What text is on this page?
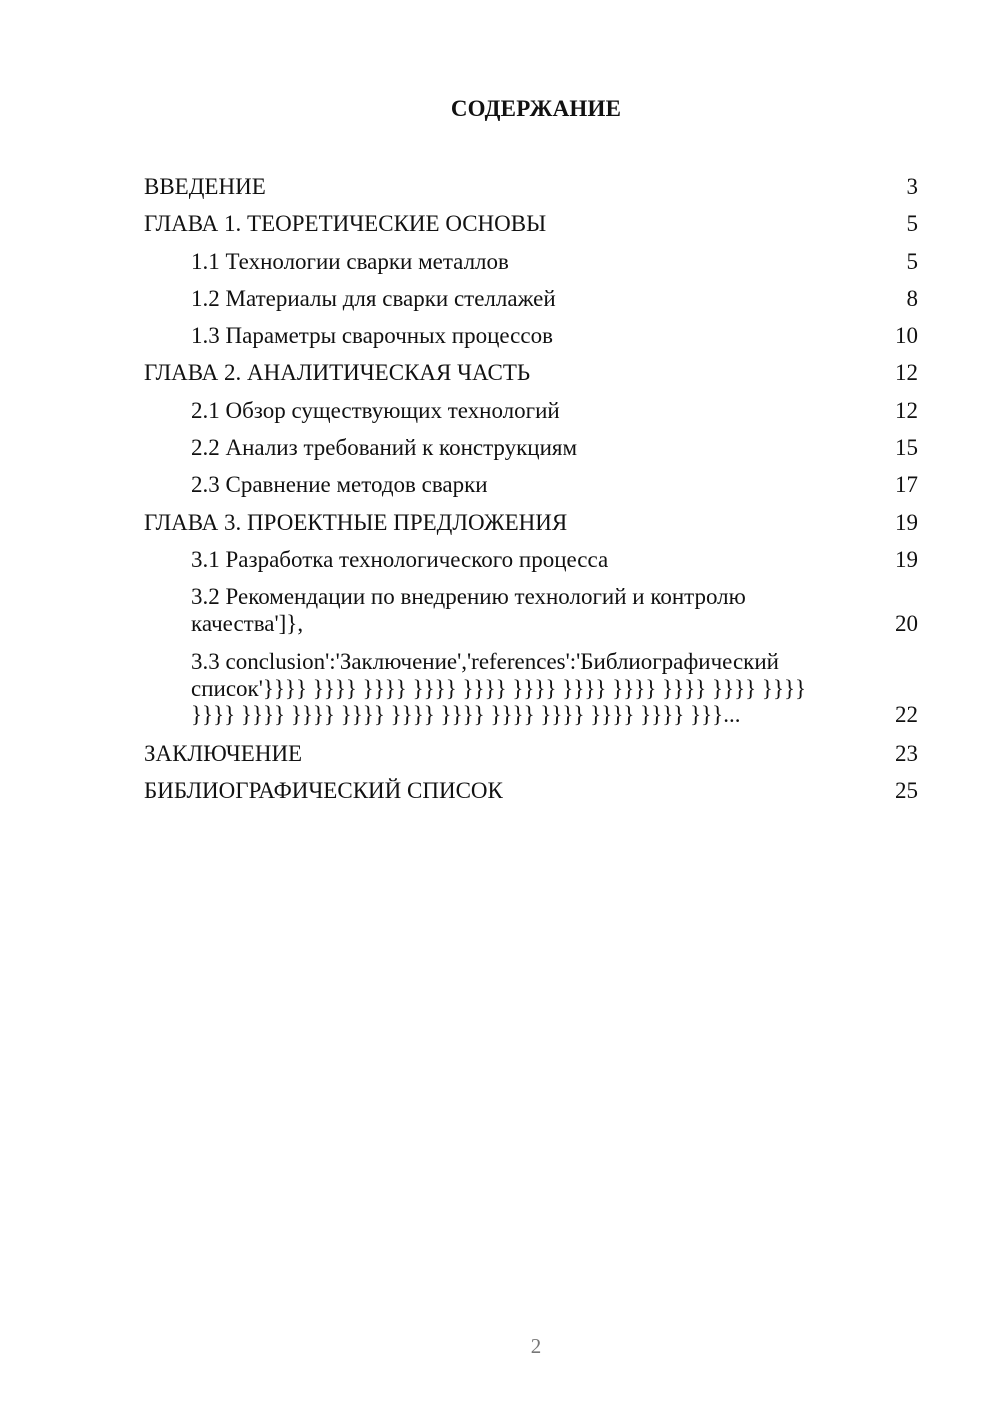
СОДЕРЖАНИЕ
ВВЕДЕНИЕ	3
ГЛАВА 1. ТЕОРЕТИЧЕСКИЕ ОСНОВЫ	5
1.1 Технологии сварки металлов	5
1.2 Материалы для сварки стеллажей	8
1.3 Параметры сварочных процессов	10
ГЛАВА 2. АНАЛИТИЧЕСКАЯ ЧАСТЬ	12
2.1 Обзор существующих технологий	12
2.2 Анализ требований к конструкциям	15
2.3 Сравнение методов сварки	17
ГЛАВА 3. ПРОЕКТНЫЕ ПРЕДЛОЖЕНИЯ	19
3.1 Разработка технологического процесса	19
3.2 Рекомендации по внедрению технологий и контролю качества']},	20
3.3 conclusion':'Заключение','references':'Библиографический список'}}}} }}}} }}}} }}}} }}}} }}}} }}}} }}}} }}}} }}}} }}}} }}}} }}}} }}}} }}}} }}}} }}}} }}}} }}}} }}}} }}}} }}}...	22
ЗАКЛЮЧЕНИЕ	23
БИБЛИОГРАФИЧЕСКИЙ СПИСОК	25
2
